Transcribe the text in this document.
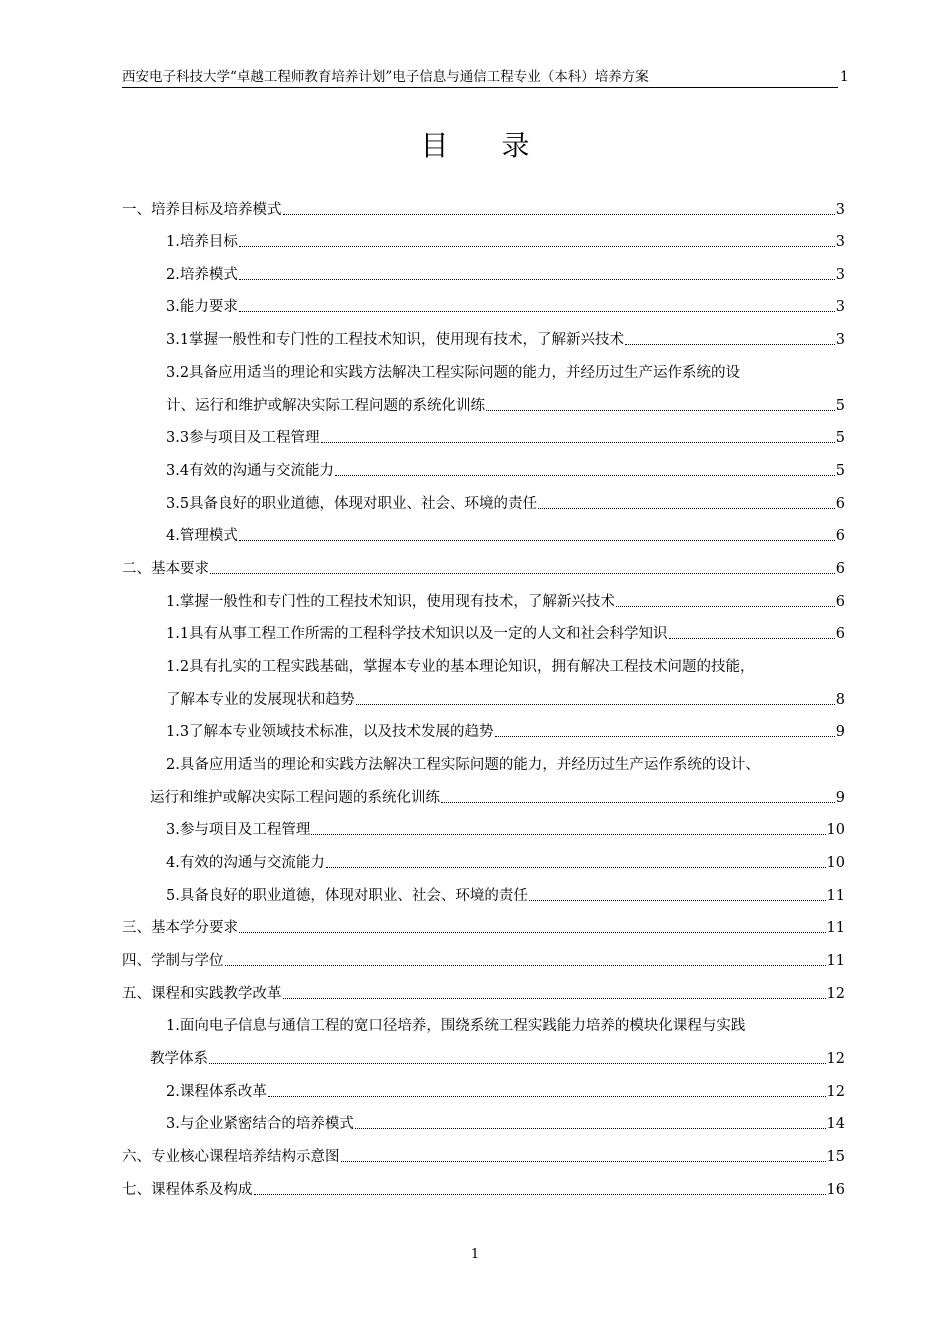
西安电子科技大学“卓越工程师教育培养计划”电子信息与通信工程专业（本科）培养方案	1
目 录
一、培养目标及培养模式	3
1.培养目标	3
2.培养模式	3
3.能力要求	3
3.1掌握一般性和专门性的工程技术知识，使用现有技术，了解新兴技术	3
3.2具备应用适当的理论和实践方法解决工程实际问题的能力，并经历过生产运作系统的设
计、运行和维护或解决实际工程问题的系统化训练	5
3.3参与项目及工程管理	5
3.4有效的沟通与交流能力	5
3.5具备良好的职业道德，体现对职业、社会、环境的责任	6
4.管理模式	6
二、基本要求	6
1.掌握一般性和专门性的工程技术知识，使用现有技术，了解新兴技术	6
1.1具有从事工程工作所需的工程科学技术知识以及一定的人文和社会科学知识	6
1.2具有扎实的工程实践基础，掌握本专业的基本理论知识，拥有解决工程技术问题的技能，
了解本专业的发展现状和趋势	8
1.3了解本专业领域技术标准，以及技术发展的趋势	9
2.具备应用适当的理论和实践方法解决工程实际问题的能力，并经历过生产运作系统的设计、
运行和维护或解决实际工程问题的系统化训练	9
3.参与项目及工程管理	10
4.有效的沟通与交流能力	10
5.具备良好的职业道德，体现对职业、社会、环境的责任	11
三、基本学分要求	11
四、学制与学位	11
五、课程和实践教学改革	12
1.面向电子信息与通信工程的宽口径培养，围绕系统工程实践能力培养的模块化课程与实践
教学体系	12
2.课程体系改革	12
3.与企业紧密结合的培养模式	14
六、专业核心课程培养结构示意图	15
七、课程体系及构成	16
1
